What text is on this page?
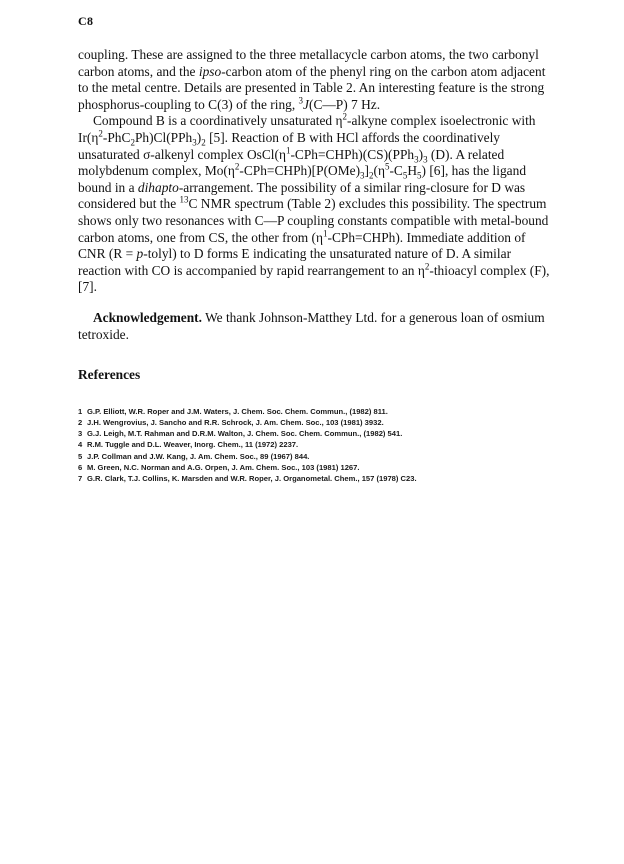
C8

coupling. These are assigned to the three metallacycle carbon atoms, the two carbonyl carbon atoms, and the ipso-carbon atom of the phenyl ring on the carbon atom adjacent to the metal centre. Details are presented in Table 2. An interesting feature is the strong phosphorus-coupling to C(3) of the ring, $^3$J(C—P) 7 Hz.

Compound B is a coordinatively unsaturated $\eta^2$-alkyne complex isoelectronic with $Ir(\eta^2-PhC_2Ph)Cl(PPh_3)_2$ [5]. Reaction of B with HCl affords the coordinatively unsaturated σ-alkenyl complex $OsCl(\eta^1-CPh=CHPh)(CS)(PPh_3)_3$ (D). A related molybdenum complex, $Mo(\eta^2-CPh=CHPh)[P(OMe)_3]_2(\eta^5-C_5H_5)$ [6], has the ligand bound in a dihapto-arrangement. The possibility of a similar ring-closure for D was considered but the $^{13}$C NMR spectrum (Table 2) excludes this possibility. The spectrum shows only two resonances with C—P coupling constants compatible with metal-bound carbon atoms, one from CS, the other from $(\eta^1-CPh=CHPh)$. Immediate addition of CNR (R = p-tolyl) to D forms E indicating the unsaturated nature of D. A similar reaction with CO is accompanied by rapid rearrangement to an $\eta^2$-thioacyl complex (F), [7].

Acknowledgement. We thank Johnson-Matthey Ltd. for a generous loan of osmium tetroxide.

References
1 G.P. Elliott, W.R. Roper and J.M. Waters, J. Chem. Soc. Chem. Commun., (1982) 811.
2 J.H. Wengrovius, J. Sancho and R.R. Schrock, J. Am. Chem. Soc., 103 (1981) 3932.
3 G.J. Leigh, M.T. Rahman and D.R.M. Walton, J. Chem. Soc. Chem. Commun., (1982) 541.
4 R.M. Tuggle and D.L. Weaver, Inorg. Chem., 11 (1972) 2237.
5 J.P. Collman and J.W. Kang, J. Am. Chem. Soc., 89 (1967) 844.
6 M. Green, N.C. Norman and A.G. Orpen, J. Am. Chem. Soc., 103 (1981) 1267.
7 G.R. Clark, T.J. Collins, K. Marsden and W.R. Roper, J. Organometal. Chem., 157 (1978) C23.
